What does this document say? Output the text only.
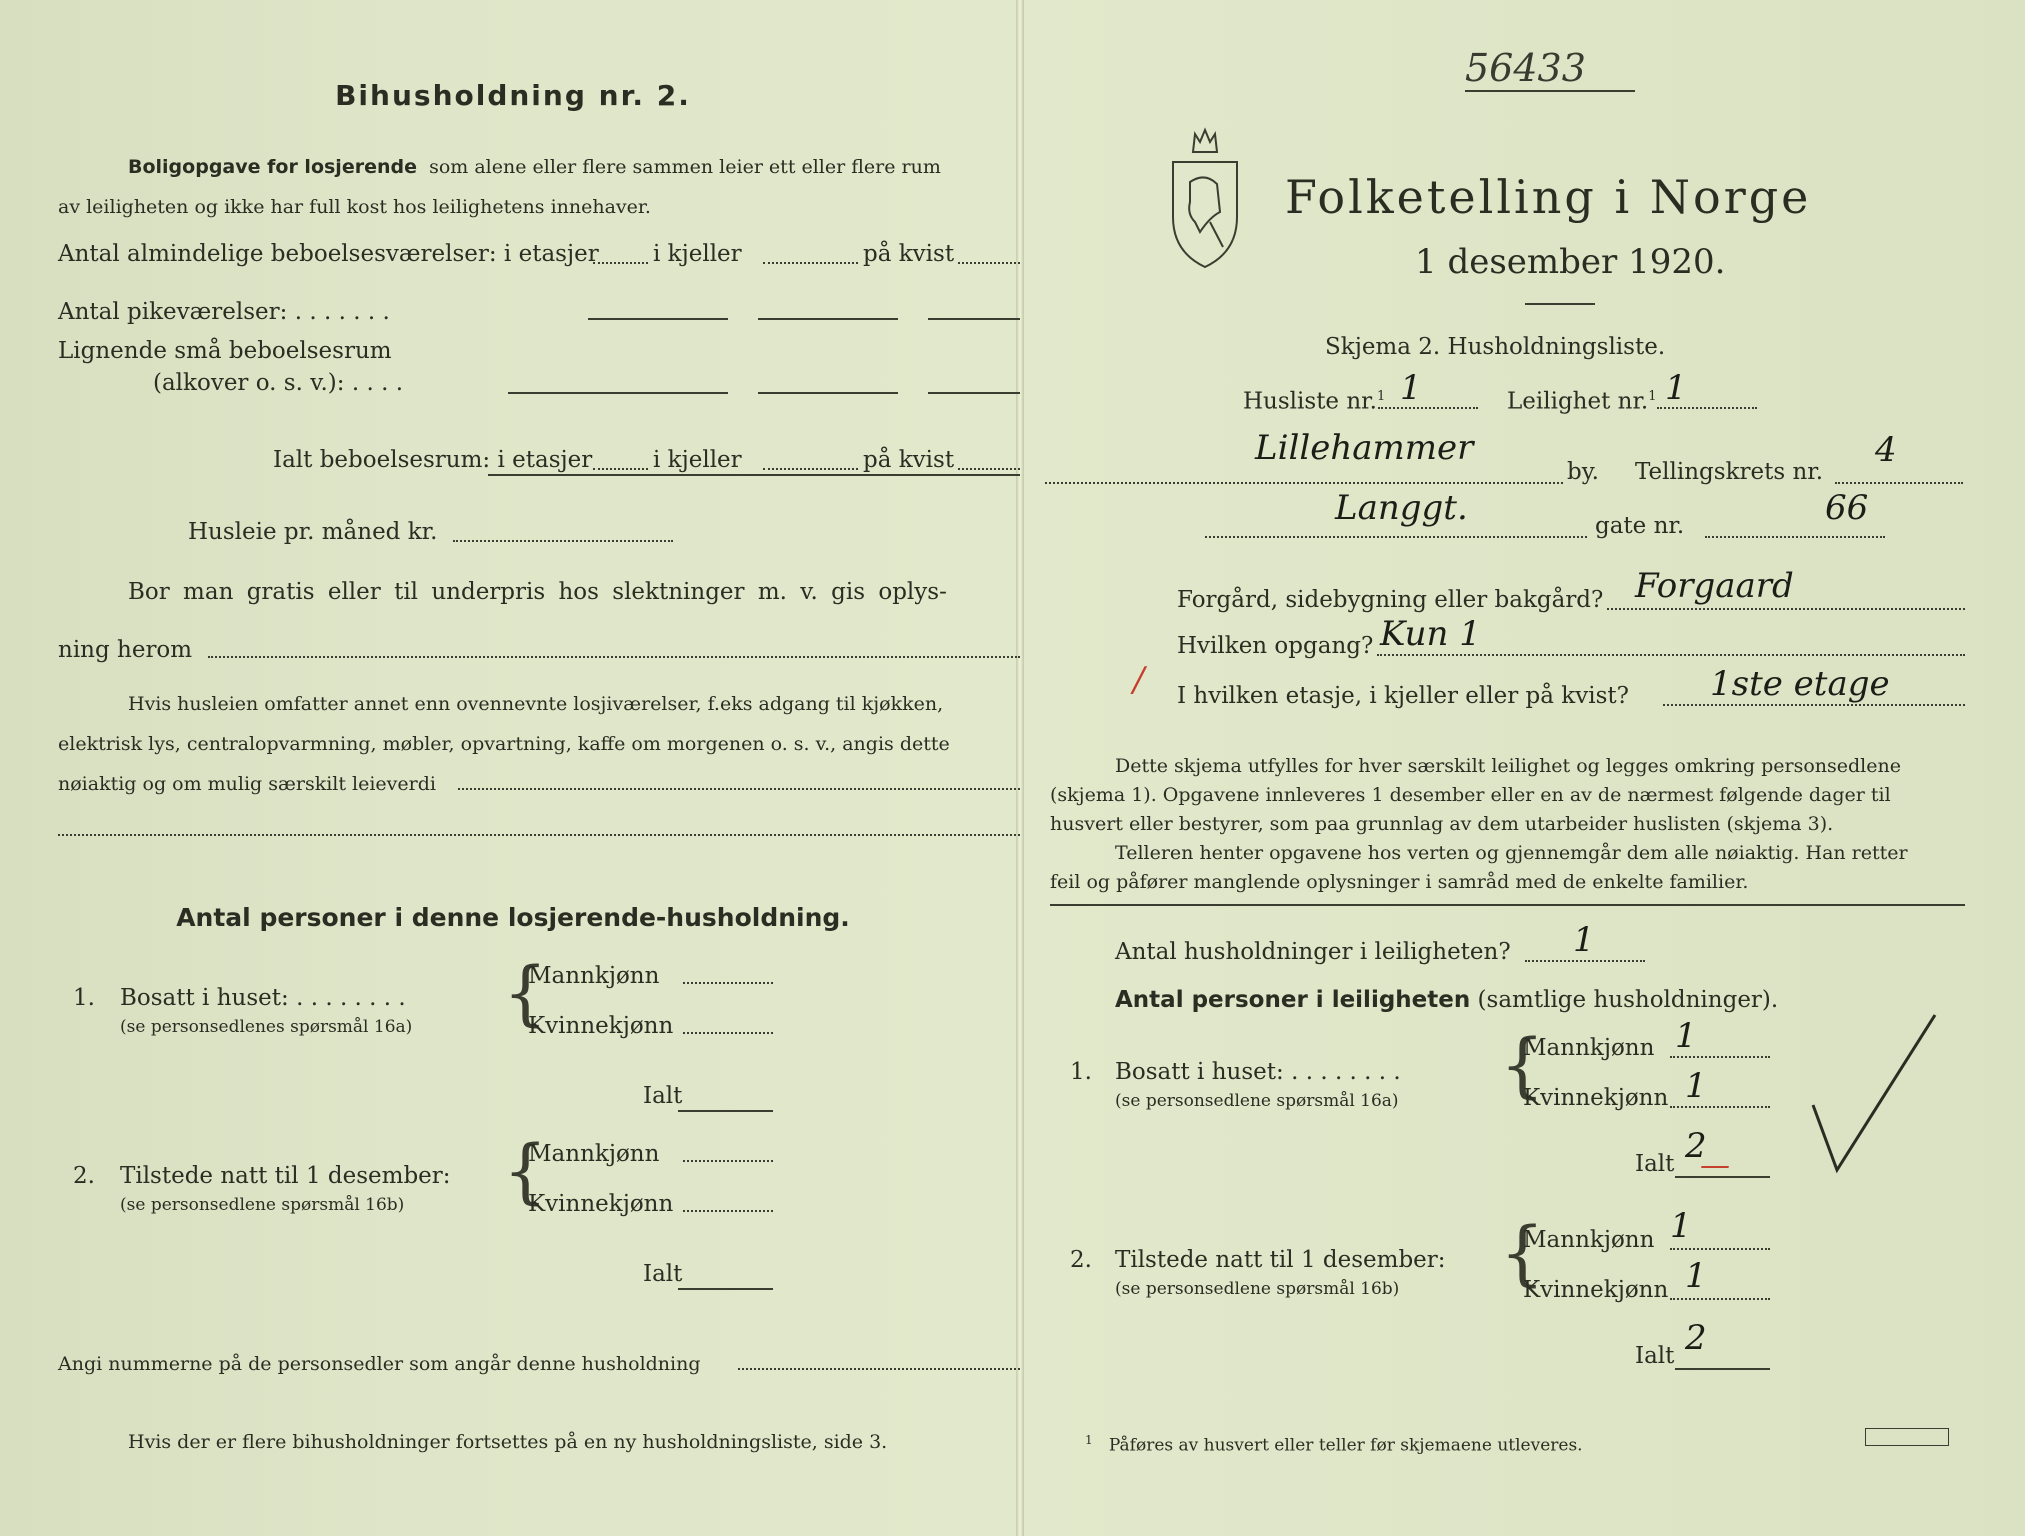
Bihusholdning nr. 2.
Boligopgave for losjerende som alene eller flere sammen leier ett eller flere rum
av leiligheten og ikke har full kost hos leilighetens innehaver.
Antal almindelige beboelsesværelser: i etasjer i kjeller	på kvist
Antal pikeværelser: . . . . . . .
Lignende små beboelsesrum
(alkover o. s. v.): . . . .
Ialt beboelsesrum: i etasjer	i kjeller	på kvist
Husleie pr. måned kr.
Bor man gratis eller til underpris hos slektninger m. v. gis oplys-
ning herom
Hvis husleien omfatter annet enn ovennevnte losjiværelser, f.eks adgang til kjøkken,
elektrisk lys, centralopvarmning, møbler, opvartning, kaffe om morgenen o. s. v., angis dette
nøiaktig og om mulig særskilt leieverdi
Antal personer i denne losjerende-husholdning.
1. Bosatt i huset: . . . . . . . .
(se personsedlenes spørsmål 16a) {
Mannkjønn
Kvinnekjønn
Ialt
2. Tilstede natt til 1 desember:
(se personsedlene spørsmål 16b) {
Mannkjønn
Kvinnekjønn
Ialt
Angi nummerne på de personsedler som angår denne husholdning
Hvis der er flere bihusholdninger fortsettes på en ny husholdningsliste, side 3.
56433
Folketelling i Norge
1 desember 1920.
Skjema 2. Husholdningsliste.
Husliste nr.$^1$ 1	Leilighet nr.$^1$ 1
Lillehammer
by. Tellingskrets nr.
4
Langgt.	gate nr.	66
Forgård, sidebygning eller bakgård? Forgaard
Hvilken opgang? Kun 1
/ I hvilken etasje, i kjeller eller på kvist? 1ste etage
Dette skjema utfylles for hver særskilt leilighet og legges omkring personsedlene
(skjema 1). Opgavene innleveres 1 desember eller en av de nærmest følgende dager til
husvert eller bestyrer, som paa grunnlag av dem utarbeider huslisten (skjema 3).
Telleren henter opgavene hos verten og gjennemgår dem alle nøiaktig. Han retter
feil og påfører manglende oplysninger i samråd med de enkelte familier.
Antal husholdninger i leiligheten? 1
Antal personer i leiligheten (samtlige husholdninger).
1. Bosatt i huset: . . . . . . . .
(se personsedlene spørsmål 16a) {
Mannkjønn 1
Kvinnekjønn 1
Ialt 2
—
2. Tilstede natt til 1 desember:
(se personsedlene spørsmål 16b) {
Mannkjønn 1
Kvinnekjønn 1
Ialt 2
$^1$ Påføres av husvert eller teller før skjemaene utleveres.
